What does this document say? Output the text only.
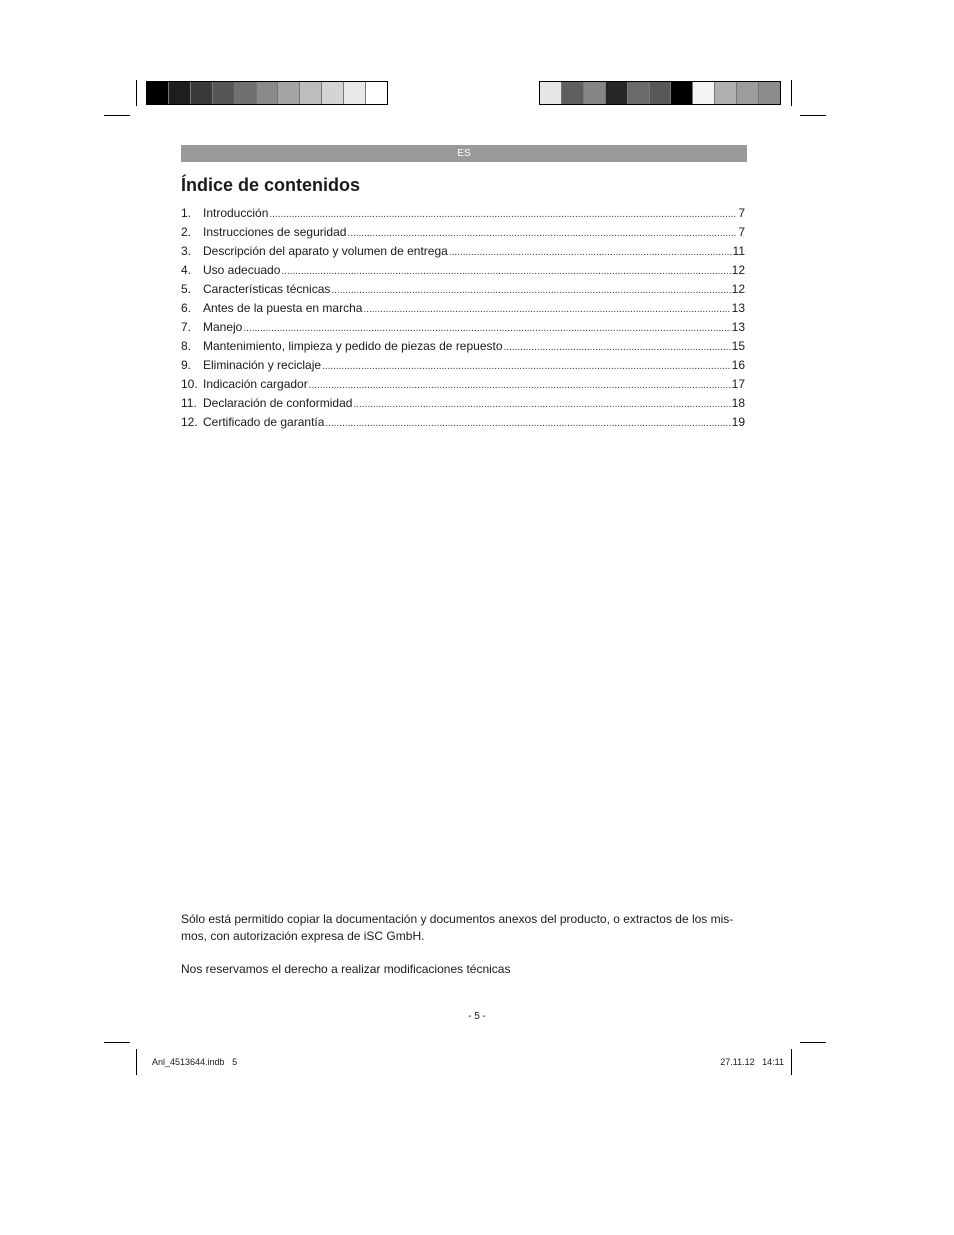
ES
Índice de contenidos
1. Introducción .....	7
2. Instrucciones de seguridad .....	7
3. Descripción del aparato y volumen de entrega .....	11
4. Uso adecuado .....	12
5. Características técnicas .....	12
6. Antes de la puesta en marcha .....	13
7. Manejo .....	13
8. Mantenimiento, limpieza y pedido de piezas de repuesto .....	15
9. Eliminación y reciclaje .....	16
10. Indicación cargador .....	17
11. Declaración de conformidad .....	18
12. Certificado de garantía .....	19

Sólo está permitido copiar la documentación y documentos anexos del producto, o extractos de los mis-

mos, con autorización expresa de iSC GmbH.

Nos reservamos el derecho a realizar modificaciones técnicas

- 5 -
Anl_4513644.indb   5	27.11.12   14:11
